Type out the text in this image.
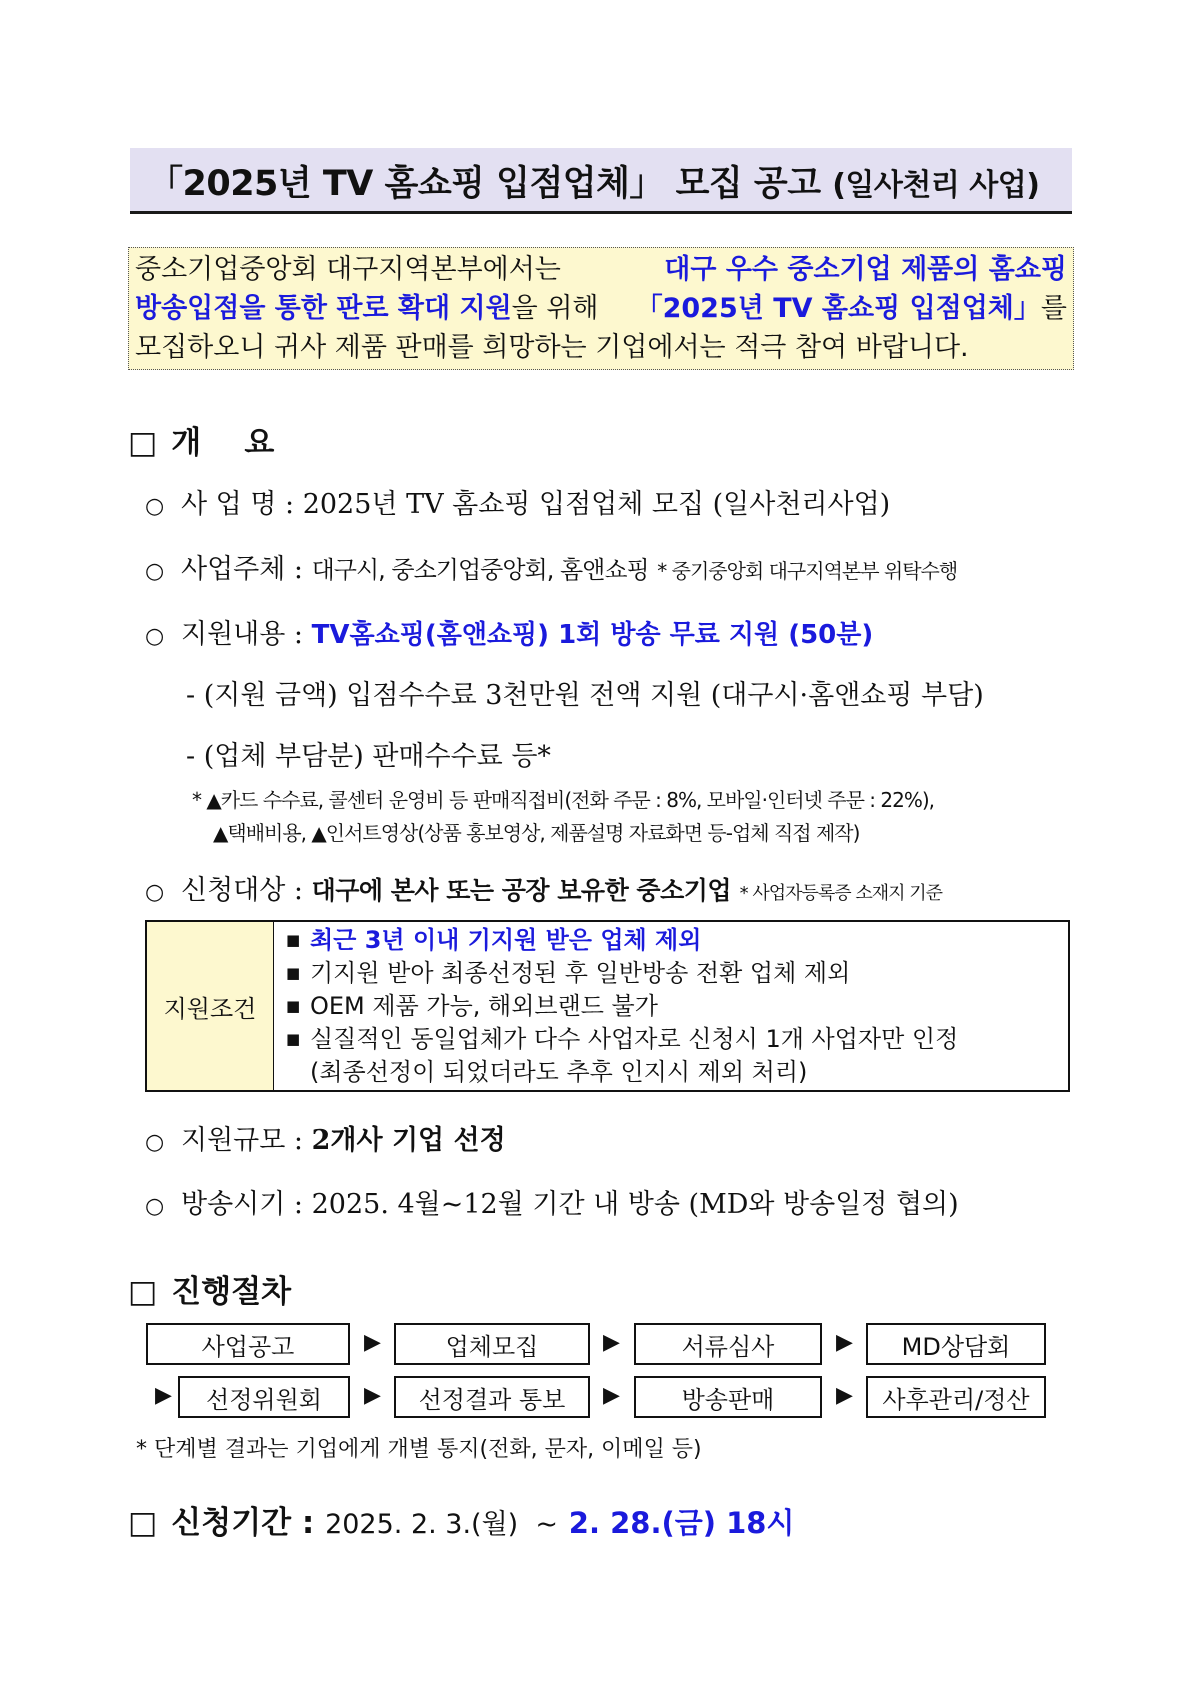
「2025년 TV 홈쇼핑 입점업체」 모집 공고 (일사천리 사업)
중소기업중앙회 대구지역본부에서는	대구 우수 중소기업 제품의 홈쇼핑
방송입점을 통한 판로 확대 지원을 위해 「2025년 TV 홈쇼핑 입점업체」를
모집하오니 귀사 제품 판매를 희망하는 기업에서는 적극 참여 바랍니다.
□ 개    요
○ 사 업 명 : 2025년 TV 홈쇼핑 입점업체 모집 (일사천리사업)
○ 사업주체 : 대구시, 중소기업중앙회, 홈앤쇼핑 * 중기중앙회 대구지역본부 위탁수행
○ 지원내용 : TV홈쇼핑(홈앤쇼핑) 1회 방송 무료 지원 (50분)
- (지원 금액) 입점수수료 3천만원 전액 지원 (대구시·홈앤쇼핑 부담)
- (업체 부담분) 판매수수료 등*
* ▲카드 수수료, 콜센터 운영비 등 판매직접비(전화 주문 : 8%, 모바일·인터넷 주문 : 22%),
▲택배비용, ▲인서트영상(상품 홍보영상, 제품설명 자료화면 등-업체 직접 제작)
○ 신청대상 : 대구에 본사 또는 공장 보유한 중소기업 * 사업자등록증 소재지 기준
지원조건
■ 최근 3년 이내 기지원 받은 업체 제외
■ 기지원 받아 최종선정된 후 일반방송 전환 업체 제외
■ OEM 제품 가능, 해외브랜드 불가
■ 실질적인 동일업체가 다수 사업자로 신청시 1개 사업자만 인정
(최종선정이 되었더라도 추후 인지시 제외 처리)
○ 지원규모 : 2개사 기업 선정
○ 방송시기 : 2025. 4월~12월 기간 내 방송 (MD와 방송일정 협의)
□ 진행절차
사업공고	▶	업체모집	▶	서류심사	▶	MD상담회
▶	선정위원회	▶	선정결과 통보	▶	방송판매	▶	사후관리/정산
* 단계별 결과는 기업에게 개별 통지(전화, 문자, 이메일 등)
□ 신청기간 : 2025. 2. 3.(월)  ~ 2. 28.(금) 18시
